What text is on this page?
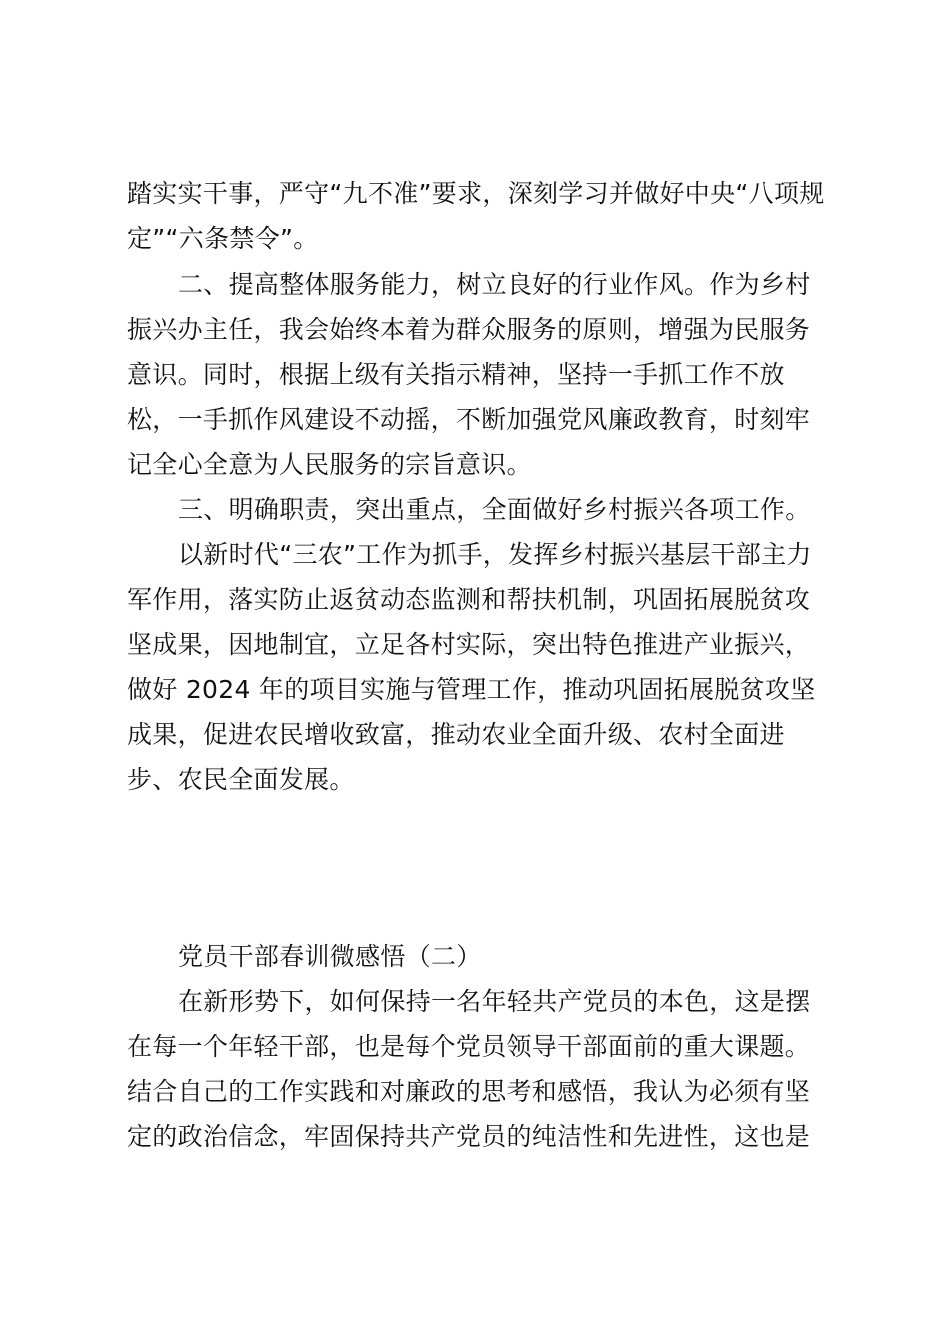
踏实实干事，严守“九不准”要求，深刻学习并做好中央“八项规
定”“六条禁令”。
二、提高整体服务能力，树立良好的行业作风。作为乡村
振兴办主任，我会始终本着为群众服务的原则，增强为民服务
意识。同时，根据上级有关指示精神，坚持一手抓工作不放
松，一手抓作风建设不动摇，不断加强党风廉政教育，时刻牢
记全心全意为人民服务的宗旨意识。
三、明确职责，突出重点，全面做好乡村振兴各项工作。
以新时代“三农”工作为抓手，发挥乡村振兴基层干部主力
军作用，落实防止返贫动态监测和帮扶机制，巩固拓展脱贫攻
坚成果，因地制宜，立足各村实际，突出特色推进产业振兴，
做好 2024 年的项目实施与管理工作，推动巩固拓展脱贫攻坚
成果，促进农民增收致富，推动农业全面升级、农村全面进
步、农民全面发展。
党员干部春训微感悟（二）
在新形势下，如何保持一名年轻共产党员的本色，这是摆
在每一个年轻干部，也是每个党员领导干部面前的重大课题。
结合自己的工作实践和对廉政的思考和感悟，我认为必须有坚
定的政治信念，牢固保持共产党员的纯洁性和先进性，这也是
